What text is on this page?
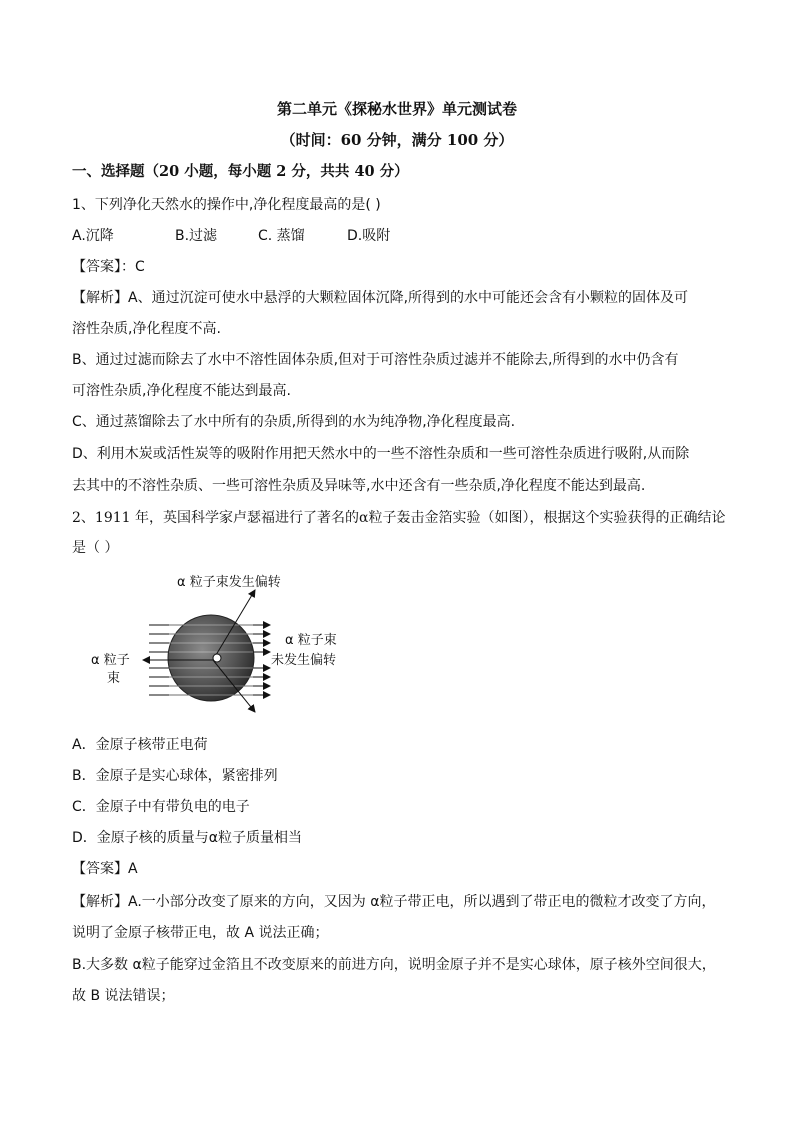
第二单元《探秘水世界》单元测试卷
（时间：60 分钟，满分 100 分）
一、选择题（20 小题，每小题 2 分，共共 40 分）
1、下列净化天然水的操作中,净化程度最高的是( )
A.沉降	B.过滤	C. 蒸馏	D.吸附
【答案】：C
【解析】A、通过沉淀可使水中悬浮的大颗粒固体沉降,所得到的水中可能还会含有小颗粒的固体及可
溶性杂质,净化程度不高.
B、通过过滤而除去了水中不溶性固体杂质,但对于可溶性杂质过滤并不能除去,所得到的水中仍含有
可溶性杂质,净化程度不能达到最高.
C、通过蒸馏除去了水中所有的杂质,所得到的水为纯净物,净化程度最高.
D、利用木炭或活性炭等的吸附作用把天然水中的一些不溶性杂质和一些可溶性杂质进行吸附,从而除
去其中的不溶性杂质、一些可溶性杂质及异味等,水中还含有一些杂质,净化程度不能达到最高.
2、1911 年，英国科学家卢瑟福进行了著名的α粒子轰击金箔实验（如图），根据这个实验获得的正确结论
是（ ）
α 粒子束发生偏转
α 粒子束
未发生偏转
α 粒子
束
A．金原子核带正电荷
B．金原子是实心球体，紧密排列
C．金原子中有带负电的电子
D．金原子核的质量与α粒子质量相当
【答案】A
【解析】A.一小部分改变了原来的方向，又因为 α粒子带正电，所以遇到了带正电的微粒才改变了方向，
说明了金原子核带正电，故 A 说法正确；
B.大多数 α粒子能穿过金箔且不改变原来的前进方向，说明金原子并不是实心球体，原子核外空间很大，
故 B 说法错误；
